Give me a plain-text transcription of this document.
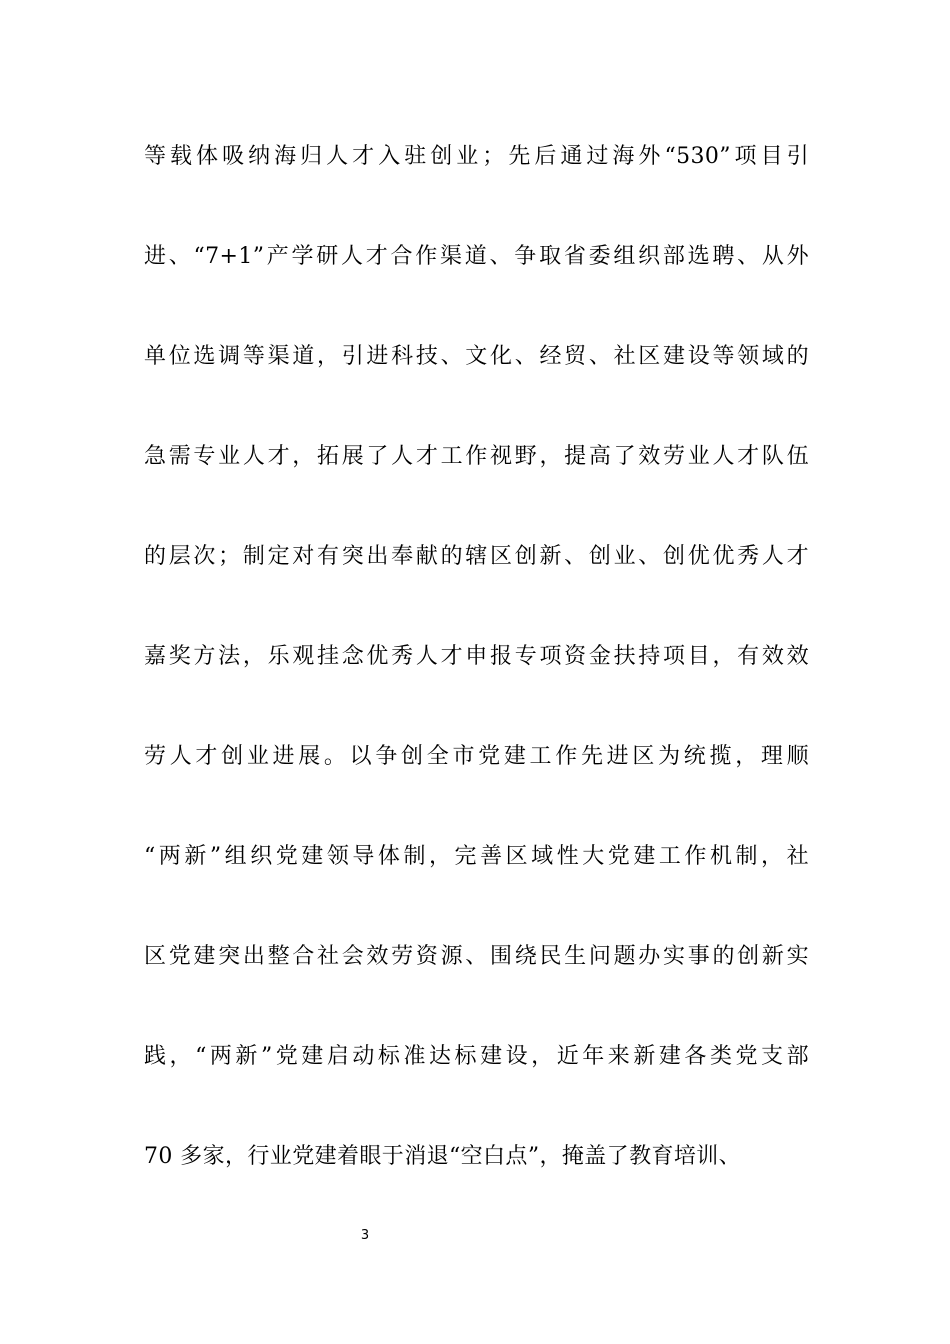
等载体吸纳海归人才入驻创业；先后通过海外“530”项目引
进、“7+1”产学研人才合作渠道、争取省委组织部选聘、从外
单位选调等渠道，引进科技、文化、经贸、社区建设等领域的
急需专业人才，拓展了人才工作视野，提高了效劳业人才队伍
的层次；制定对有突出奉献的辖区创新、创业、创优优秀人才
嘉奖方法，乐观挂念优秀人才申报专项资金扶持项目，有效效
劳人才创业进展。以争创全市党建工作先进区为统揽，理顺
“两新”组织党建领导体制，完善区域性大党建工作机制，社
区党建突出整合社会效劳资源、围绕民生问题办实事的创新实
践，“两新”党建启动标准达标建设，近年来新建各类党支部
70 多家，行业党建着眼于消退“空白点”，掩盖了教育培训、
3
